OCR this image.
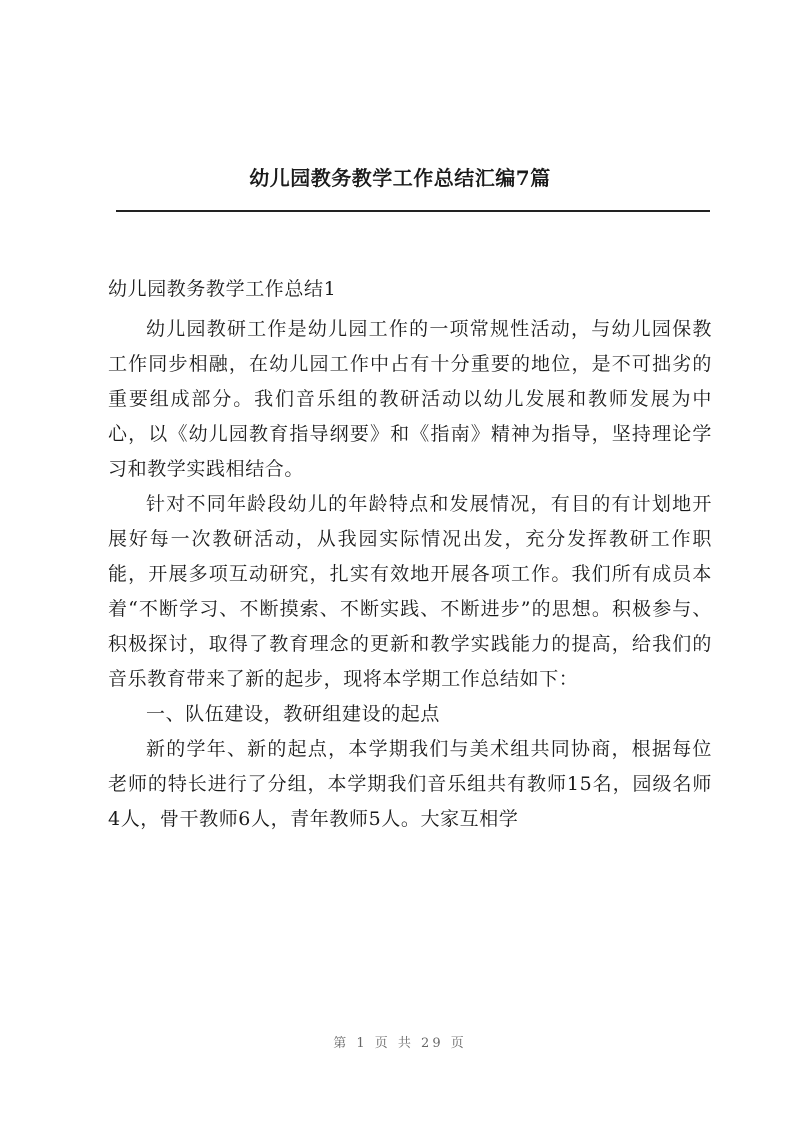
幼儿园教务教学工作总结汇编7篇

幼儿园教务教学工作总结1

幼儿园教研工作是幼儿园工作的一项常规性活动，与幼儿园保教工作同步相融，在幼儿园工作中占有十分重要的地位，是不可拙劣的重要组成部分。我们音乐组的教研活动以幼儿发展和教师发展为中心，以《幼儿园教育指导纲要》和《指南》精神为指导，坚持理论学习和教学实践相结合。

针对不同年龄段幼儿的年龄特点和发展情况，有目的有计划地开展好每一次教研活动，从我园实际情况出发，充分发挥教研工作职能，开展多项互动研究，扎实有效地开展各项工作。我们所有成员本着“不断学习、不断摸索、不断实践、不断进步”的思想。积极参与、积极探讨，取得了教育理念的更新和教学实践能力的提高，给我们的音乐教育带来了新的起步，现将本学期工作总结如下：

一、队伍建设，教研组建设的起点

新的学年、新的起点，本学期我们与美术组共同协商，根据每位老师的特长进行了分组，本学期我们音乐组共有教师15名，园级名师4人，骨干教师6人，青年教师5人。大家互相学

第 1 页 共 29 页
